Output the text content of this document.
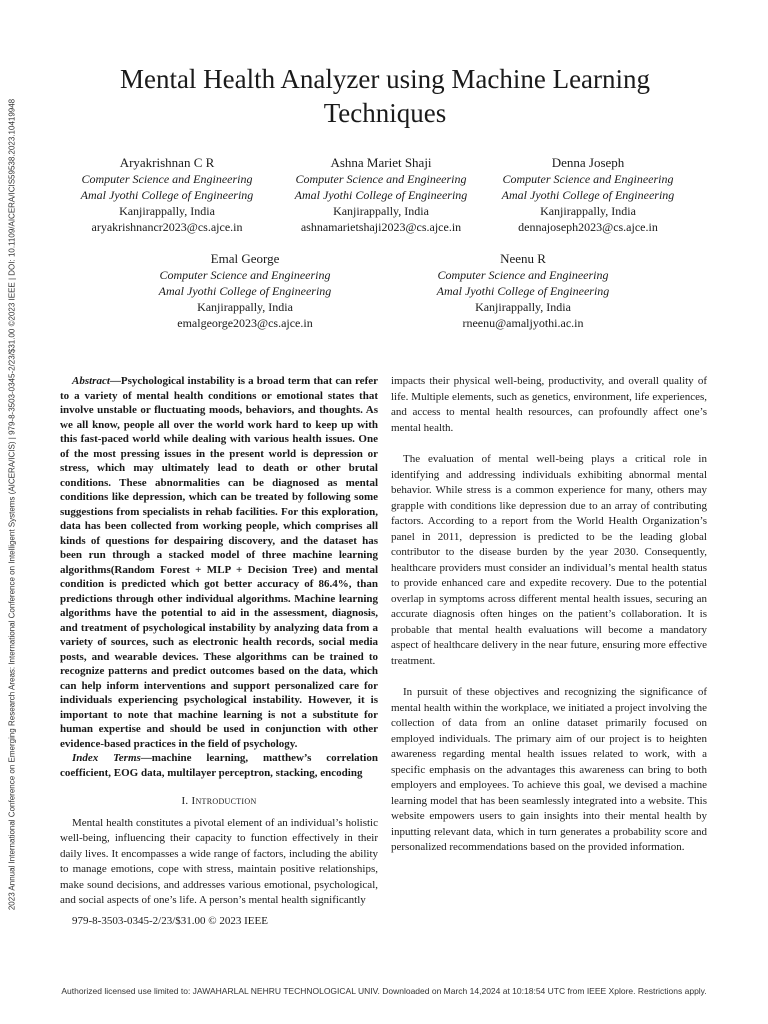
2023 Annual International Conference on Emerging Research Areas: International Conference on Intelligent Systems (AICERA/ICIS) | 979-8-3503-0345-2/23/$31.00 ©2023 IEEE | DOI: 10.1109/AICERA/ICIS59538.2023.10419948
Mental Health Analyzer using Machine Learning Techniques
Aryakrishnan C R
Computer Science and Engineering
Amal Jyothi College of Engineering
Kanjirappally, India
aryakrishnancr2023@cs.ajce.in
Ashna Mariet Shaji
Computer Science and Engineering
Amal Jyothi College of Engineering
Kanjirappally, India
ashnamarietshaji2023@cs.ajce.in
Denna Joseph
Computer Science and Engineering
Amal Jyothi College of Engineering
Kanjirappally, India
dennajoseph2023@cs.ajce.in
Emal George
Computer Science and Engineering
Amal Jyothi College of Engineering
Kanjirappally, India
emalgeorge2023@cs.ajce.in
Neenu R
Computer Science and Engineering
Amal Jyothi College of Engineering
Kanjirappally, India
rneenu@amaljyothi.ac.in

Abstract—Psychological instability is a broad term that can refer to a variety of mental health conditions or emotional states that involve unstable or fluctuating moods, behaviors, and thoughts. As we all know, people all over the world work hard to keep up with this fast-paced world while dealing with various health issues. One of the most pressing issues in the present world is depression or stress, which may ultimately lead to death or other brutal conditions. These abnormalities can be diagnosed as mental conditions like depression, which can be treated by following some suggestions from specialists in rehab facilities. For this exploration, data has been collected from working people, which comprises all kinds of questions for despairing discovery, and the dataset has been run through a stacked model of three machine learning algorithms(Random Forest + MLP + Decision Tree) and mental condition is predicted which got better accuracy of 86.4%, than predictions through other individual algorithms. Machine learning algorithms have the potential to aid in the assessment, diagnosis, and treatment of psychological instability by analyzing data from a variety of sources, such as electronic health records, social media posts, and wearable devices. These algorithms can be trained to recognize patterns and predict outcomes based on the data, which can help inform interventions and support personalized care for individuals experiencing psychological instability. However, it is important to note that machine learning is not a substitute for human expertise and should be used in conjunction with other evidence-based practices in the field of psychology.

Index Terms—machine learning, matthew’s correlation coefficient, EOG data, multilayer perceptron, stacking, encoding

I. Introduction

Mental health constitutes a pivotal element of an individual’s holistic well-being, influencing their capacity to function effectively in their daily lives. It encompasses a wide range of factors, including the ability to manage emotions, cope with stress, maintain positive relationships, make sound decisions, and addresses various emotional, psychological, and social aspects of one’s life. A person’s mental health significantly

impacts their physical well-being, productivity, and overall quality of life. Multiple elements, such as genetics, environment, life experiences, and access to mental health resources, can profoundly affect one’s mental health.

The evaluation of mental well-being plays a critical role in identifying and addressing individuals exhibiting abnormal mental behavior. While stress is a common experience for many, others may grapple with conditions like depression due to an array of contributing factors. According to a report from the World Health Organization’s panel in 2011, depression is predicted to be the leading global contributor to the disease burden by the year 2030. Consequently, healthcare providers must consider an individual’s mental health status to provide enhanced care and expedite recovery. Due to the potential overlap in symptoms across different mental health issues, securing an accurate diagnosis often hinges on the patient’s collaboration. It is probable that mental health evaluations will become a mandatory aspect of healthcare delivery in the near future, ensuring more effective treatment.

In pursuit of these objectives and recognizing the significance of mental health within the workplace, we initiated a project involving the collection of data from an online dataset primarily focused on employed individuals. The primary aim of our project is to heighten awareness regarding mental health issues related to work, with a specific emphasis on the advantages this awareness can bring to both employers and employees. To achieve this goal, we devised a machine learning model that has been seamlessly integrated into a website. This website empowers users to gain insights into their mental health by inputting relevant data, which in turn generates a probability score and personalized recommendations based on the provided information.

979-8-3503-0345-2/23/$31.00 © 2023 IEEE
Authorized licensed use limited to: JAWAHARLAL NEHRU TECHNOLOGICAL UNIV. Downloaded on March 14,2024 at 10:18:54 UTC from IEEE Xplore. Restrictions apply.
